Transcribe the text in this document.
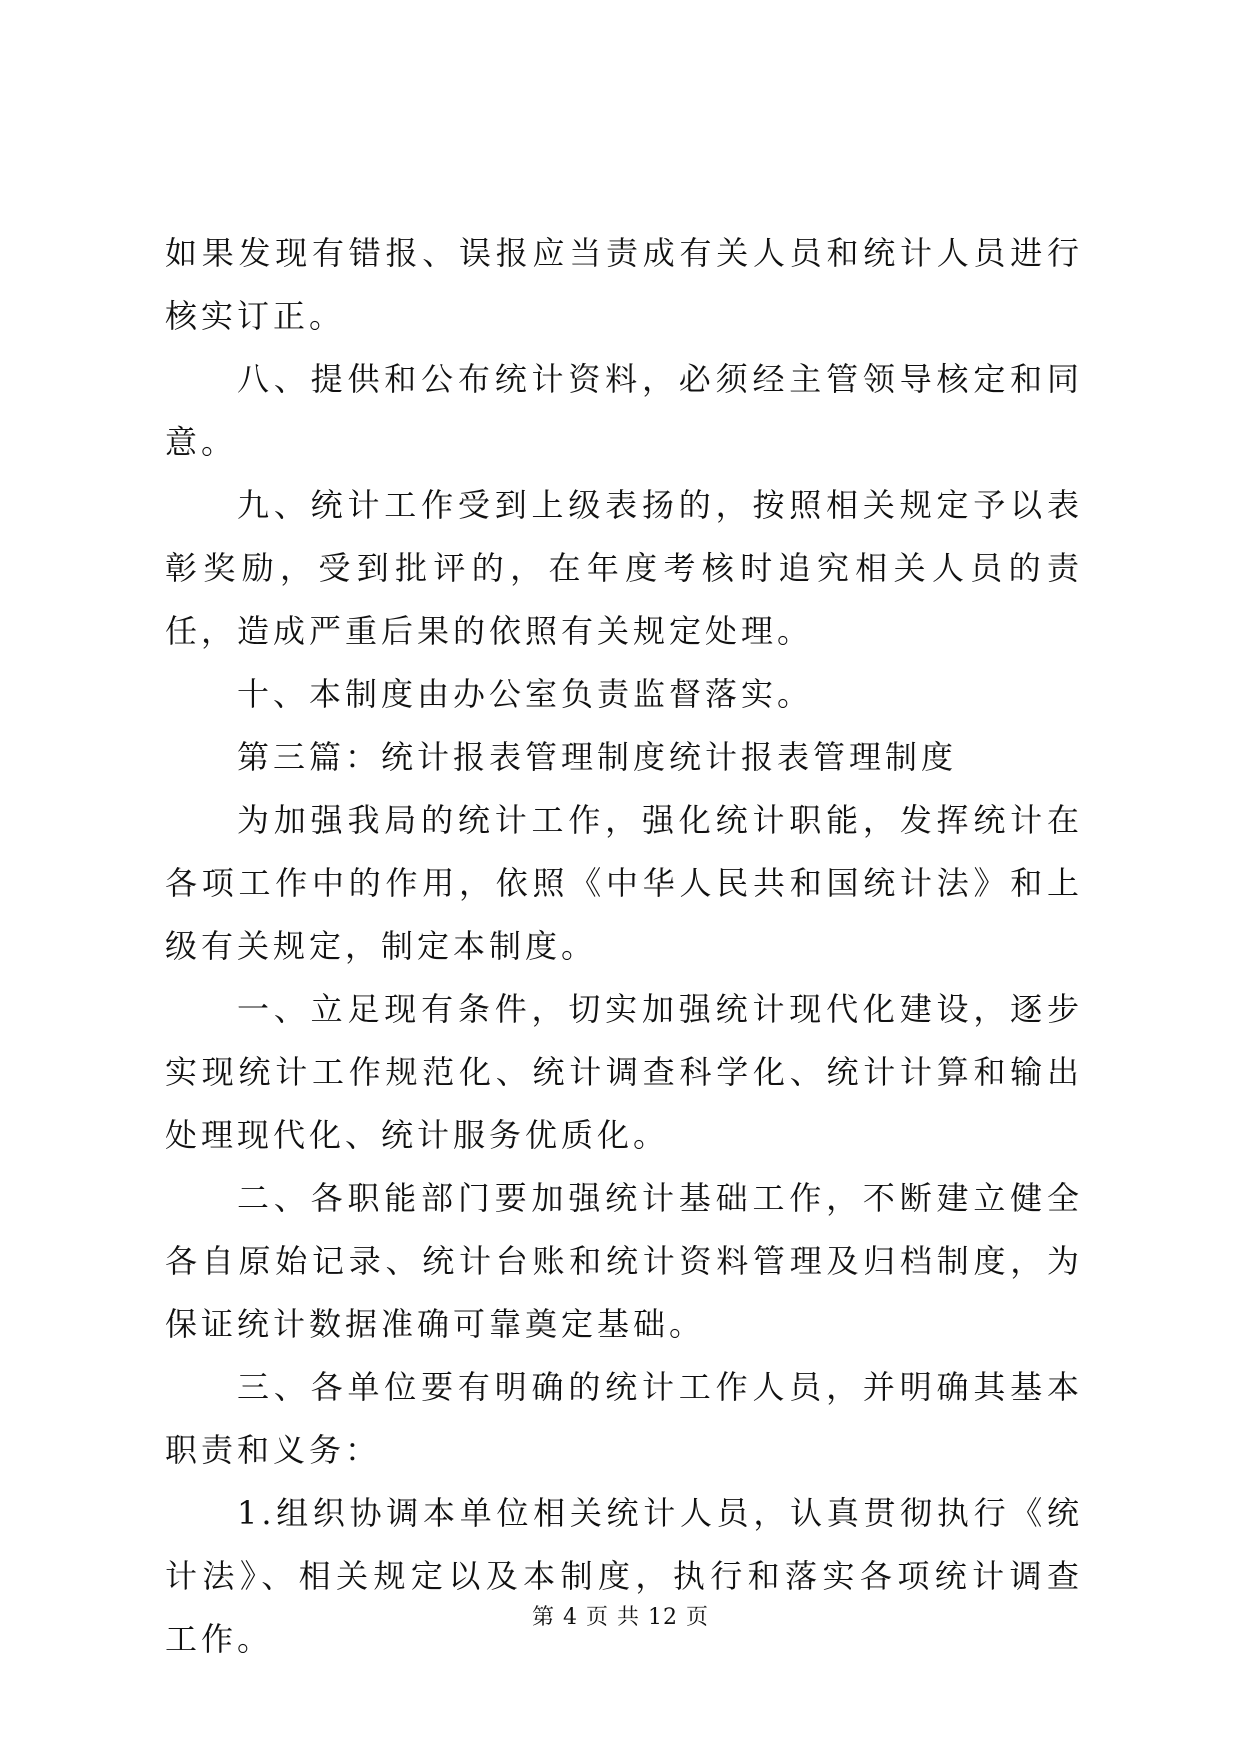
如果发现有错报、误报应当责成有关人员和统计人员进行核实订正。

八、提供和公布统计资料，必须经主管领导核定和同意。

九、统计工作受到上级表扬的，按照相关规定予以表彰奖励，受到批评的，在年度考核时追究相关人员的责任，造成严重后果的依照有关规定处理。

十、本制度由办公室负责监督落实。

第三篇：统计报表管理制度统计报表管理制度

为加强我局的统计工作，强化统计职能，发挥统计在各项工作中的作用，依照《中华人民共和国统计法》和上级有关规定，制定本制度。

一、立足现有条件，切实加强统计现代化建设，逐步实现统计工作规范化、统计调查科学化、统计计算和输出处理现代化、统计服务优质化。

二、各职能部门要加强统计基础工作，不断建立健全各自原始记录、统计台账和统计资料管理及归档制度，为保证统计数据准确可靠奠定基础。

三、各单位要有明确的统计工作人员，并明确其基本职责和义务：

1.组织协调本单位相关统计人员，认真贯彻执行《统计法》、相关规定以及本制度，执行和落实各项统计调查工作。

第 4 页 共 12 页
